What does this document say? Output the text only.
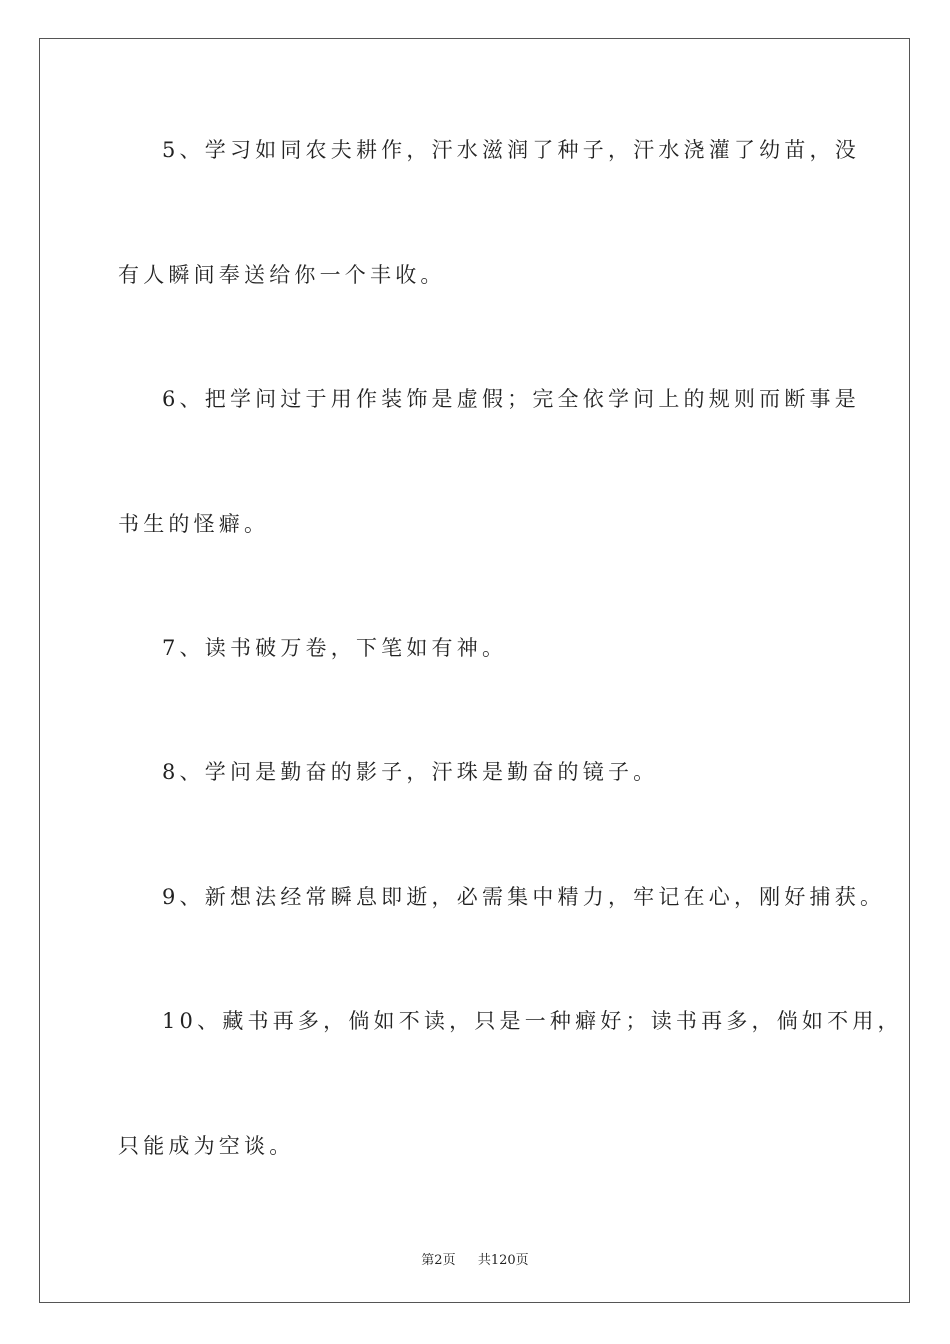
5、学习如同农夫耕作，汗水滋润了种子，汗水浇灌了幼苗，没
有人瞬间奉送给你一个丰收。
6、把学问过于用作装饰是虚假；完全依学问上的规则而断事是
书生的怪癖。
7、读书破万卷，下笔如有神。
8、学问是勤奋的影子，汗珠是勤奋的镜子。
9、新想法经常瞬息即逝，必需集中精力，牢记在心，刚好捕获。
10、藏书再多，倘如不读，只是一种癖好；读书再多，倘如不用，
只能成为空谈。
第2页 共120页
